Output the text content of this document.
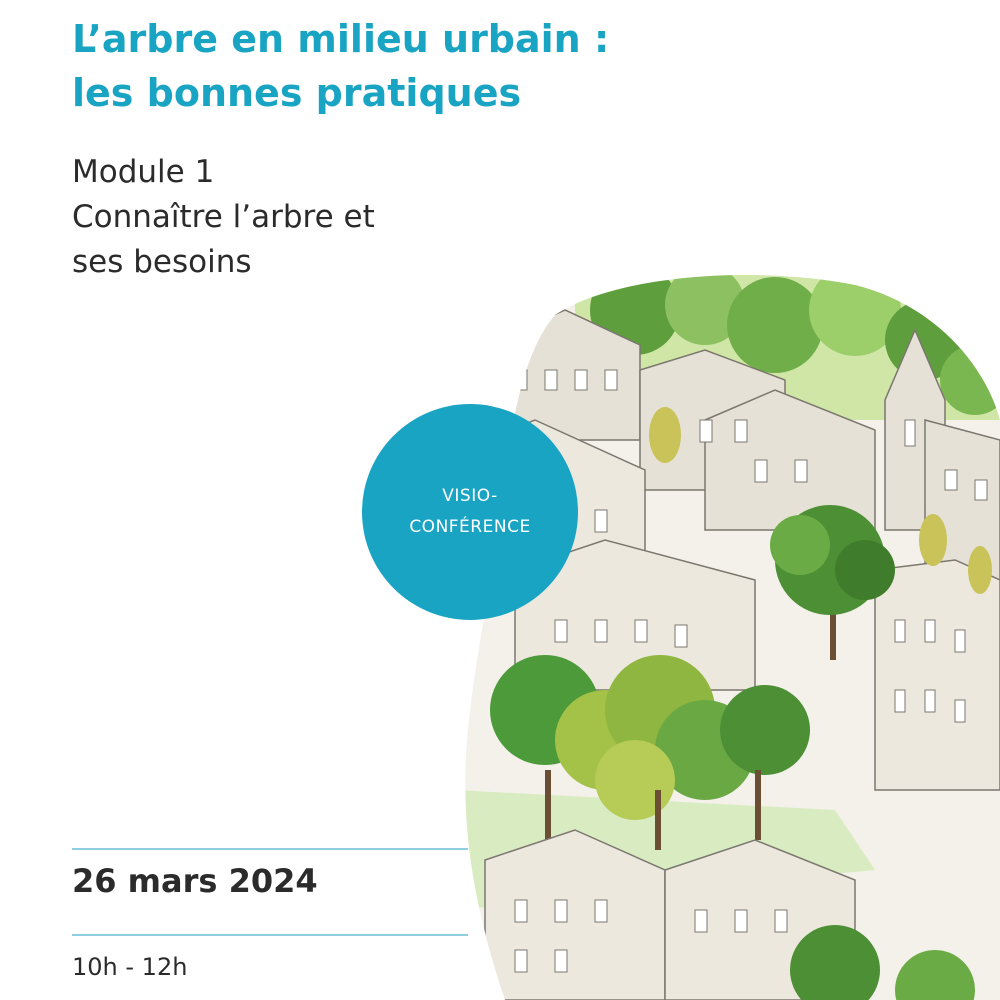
L’arbre en milieu urbain :
les bonnes pratiques
Module 1
Connaître l’arbre et
ses besoins
VISIO-
CONFÉRENCE
26 mars 2024
10h - 12h
